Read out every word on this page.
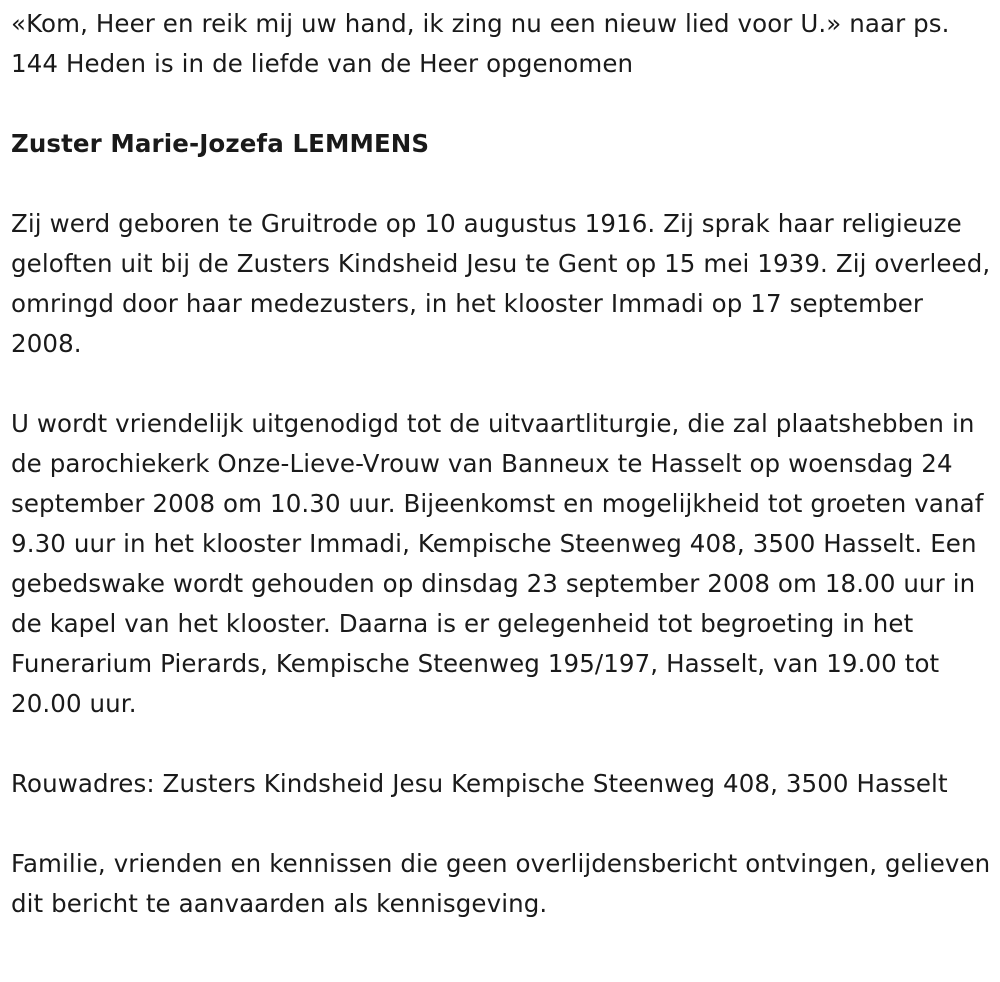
«Kom, Heer en reik mij uw hand, ik zing nu een nieuw lied voor U.» naar ps. 144 Heden is in de liefde van de Heer opgenomen

Zuster Marie-Jozefa LEMMENS

Zij werd geboren te Gruitrode op 10 augustus 1916. Zij sprak haar religieuze geloften uit bij de Zusters Kindsheid Jesu te Gent op 15 mei 1939. Zij overleed, omringd door haar medezusters, in het klooster Immadi op 17 september 2008.

U wordt vriendelijk uitgenodigd tot de uitvaartliturgie, die zal plaatshebben in de parochiekerk Onze-Lieve-Vrouw van Banneux te Hasselt op woensdag 24 september 2008 om 10.30 uur. Bijeenkomst en mogelijkheid tot groeten vanaf 9.30 uur in het klooster Immadi, Kempische Steenweg 408, 3500 Hasselt. Een gebedswake wordt gehouden op dinsdag 23 september 2008 om 18.00 uur in de kapel van het klooster. Daarna is er gelegenheid tot begroeting in het Funerarium Pierards, Kempische Steenweg 195/197, Hasselt, van 19.00 tot 20.00 uur.

Rouwadres: Zusters Kindsheid Jesu Kempische Steenweg 408, 3500 Hasselt

Familie, vrienden en kennissen die geen overlijdensbericht ontvingen, gelieven dit bericht te aanvaarden als kennisgeving.
